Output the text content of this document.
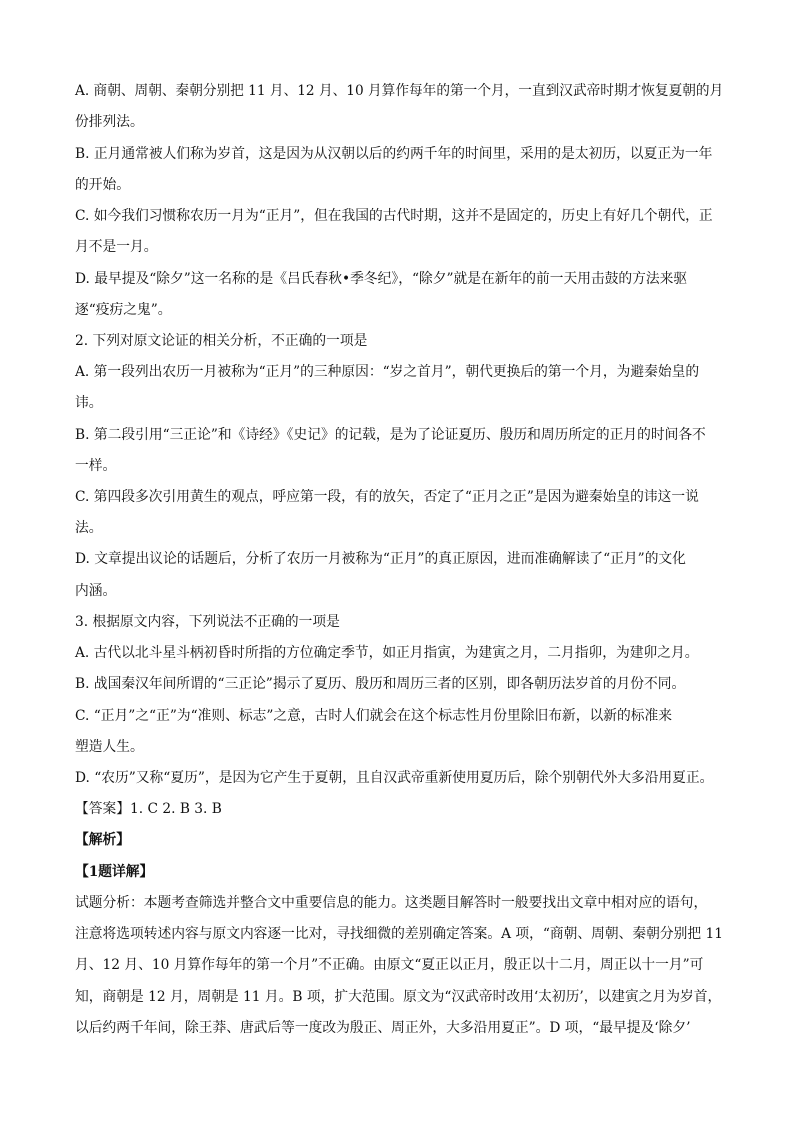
A. 商朝、周朝、秦朝分别把 11 月、12 月、10 月算作每年的第一个月，一直到汉武帝时期才恢复夏朝的月
份排列法。
B. 正月通常被人们称为岁首，这是因为从汉朝以后的约两千年的时间里，采用的是太初历，以夏正为一年
的开始。
C. 如今我们习惯称农历一月为“正月”，但在我国的古代时期，这并不是固定的，历史上有好几个朝代，正
月不是一月。
D. 最早提及“除夕”这一名称的是《吕氏春秋•季冬纪》，“除夕”就是在新年的前一天用击鼓的方法来驱
逐“疫疠之鬼”。
2. 下列对原文论证的相关分析，不正确的一项是
A. 第一段列出农历一月被称为“正月”的三种原因：“岁之首月”，朝代更换后的第一个月，为避秦始皇的
讳。
B. 第二段引用“三正论”和《诗经》《史记》的记载，是为了论证夏历、殷历和周历所定的正月的时间各不
一样。
C. 第四段多次引用黄生的观点，呼应第一段，有的放矢，否定了“正月之正”是因为避秦始皇的讳这一说
法。
D. 文章提出议论的话题后，分析了农历一月被称为“正月”的真正原因，进而准确解读了“正月”的文化
内涵。
3. 根据原文内容，下列说法不正确的一项是
A. 古代以北斗星斗柄初昏时所指的方位确定季节，如正月指寅，为建寅之月，二月指卯，为建卯之月。
B. 战国秦汉年间所谓的“三正论”揭示了夏历、殷历和周历三者的区别，即各朝历法岁首的月份不同。
C. “正月”之“正”为“准则、标志”之意，古时人们就会在这个标志性月份里除旧布新，以新的标准来
塑造人生。
D. “农历”又称“夏历”，是因为它产生于夏朝，且自汉武帝重新使用夏历后，除个别朝代外大多沿用夏正。
【答案】1. C 2. B 3. B
【解析】
【1题详解】
试题分析：本题考查筛选并整合文中重要信息的能力。这类题目解答时一般要找出文章中相对应的语句，
注意将选项转述内容与原文内容逐一比对，寻找细微的差别确定答案。A 项，“商朝、周朝、秦朝分别把 11
月、12 月、10 月算作每年的第一个月”不正确。由原文“夏正以正月，殷正以十二月，周正以十一月”可
知，商朝是 12 月，周朝是 11 月。B 项，扩大范围。原文为“汉武帝时改用‘太初历’，以建寅之月为岁首，
以后约两千年间，除王莽、唐武后等一度改为殷正、周正外，大多沿用夏正”。D 项，“最早提及‘除夕’
